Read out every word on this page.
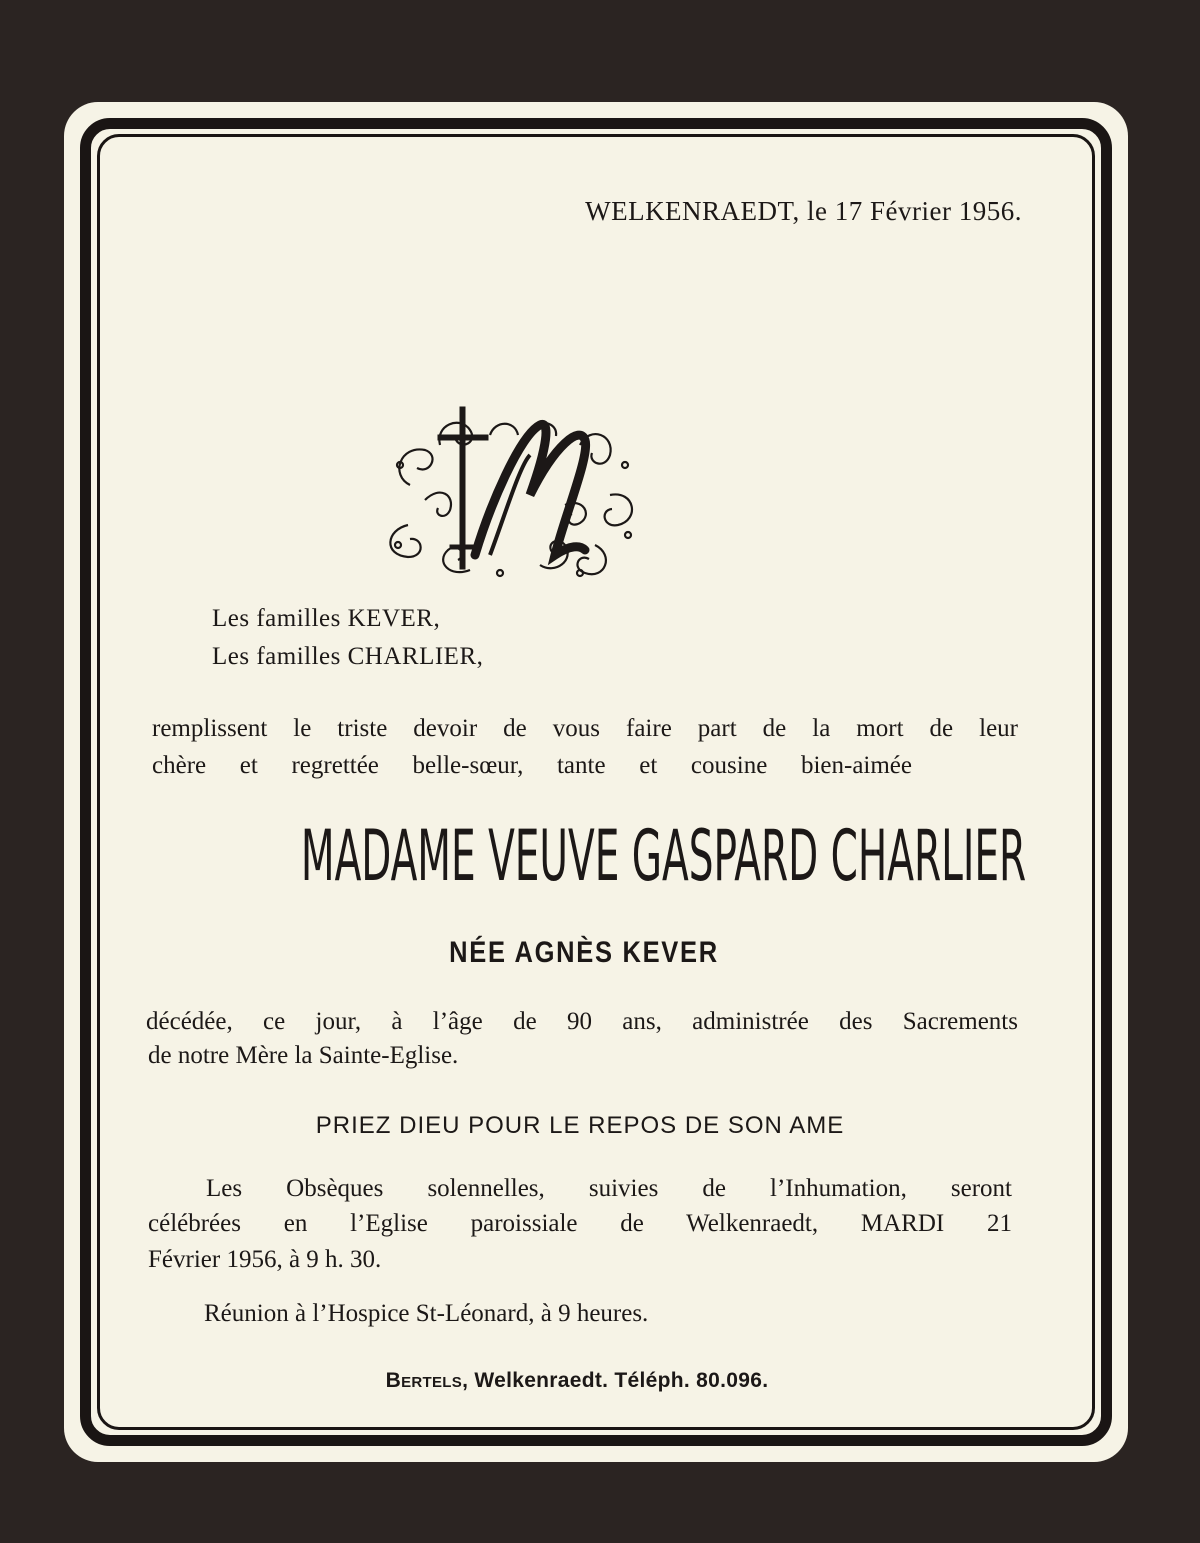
WELKENRAEDT, le 17 Février 1956.
Les familles KEVER,
Les familles CHARLIER,
remplissent le triste devoir de vous faire part de la mort de leur
chère et regrettée belle-sœur, tante et cousine bien-aimée
MADAME VEUVE GASPARD CHARLIER
NÉE AGNÈS KEVER
décédée, ce jour, à l’âge de 90 ans, administrée des Sacrements
de notre Mère la Sainte-Eglise.
PRIEZ DIEU POUR LE REPOS DE SON AME
Les Obsèques solennelles, suivies de l’Inhumation, seront
célébrées en l’Eglise paroissiale de Welkenraedt, MARDI 21
Février 1956, à 9 h. 30.
Réunion à l’Hospice St-Léonard, à 9 heures.
Bertels, Welkenraedt. Téléph. 80.096.
